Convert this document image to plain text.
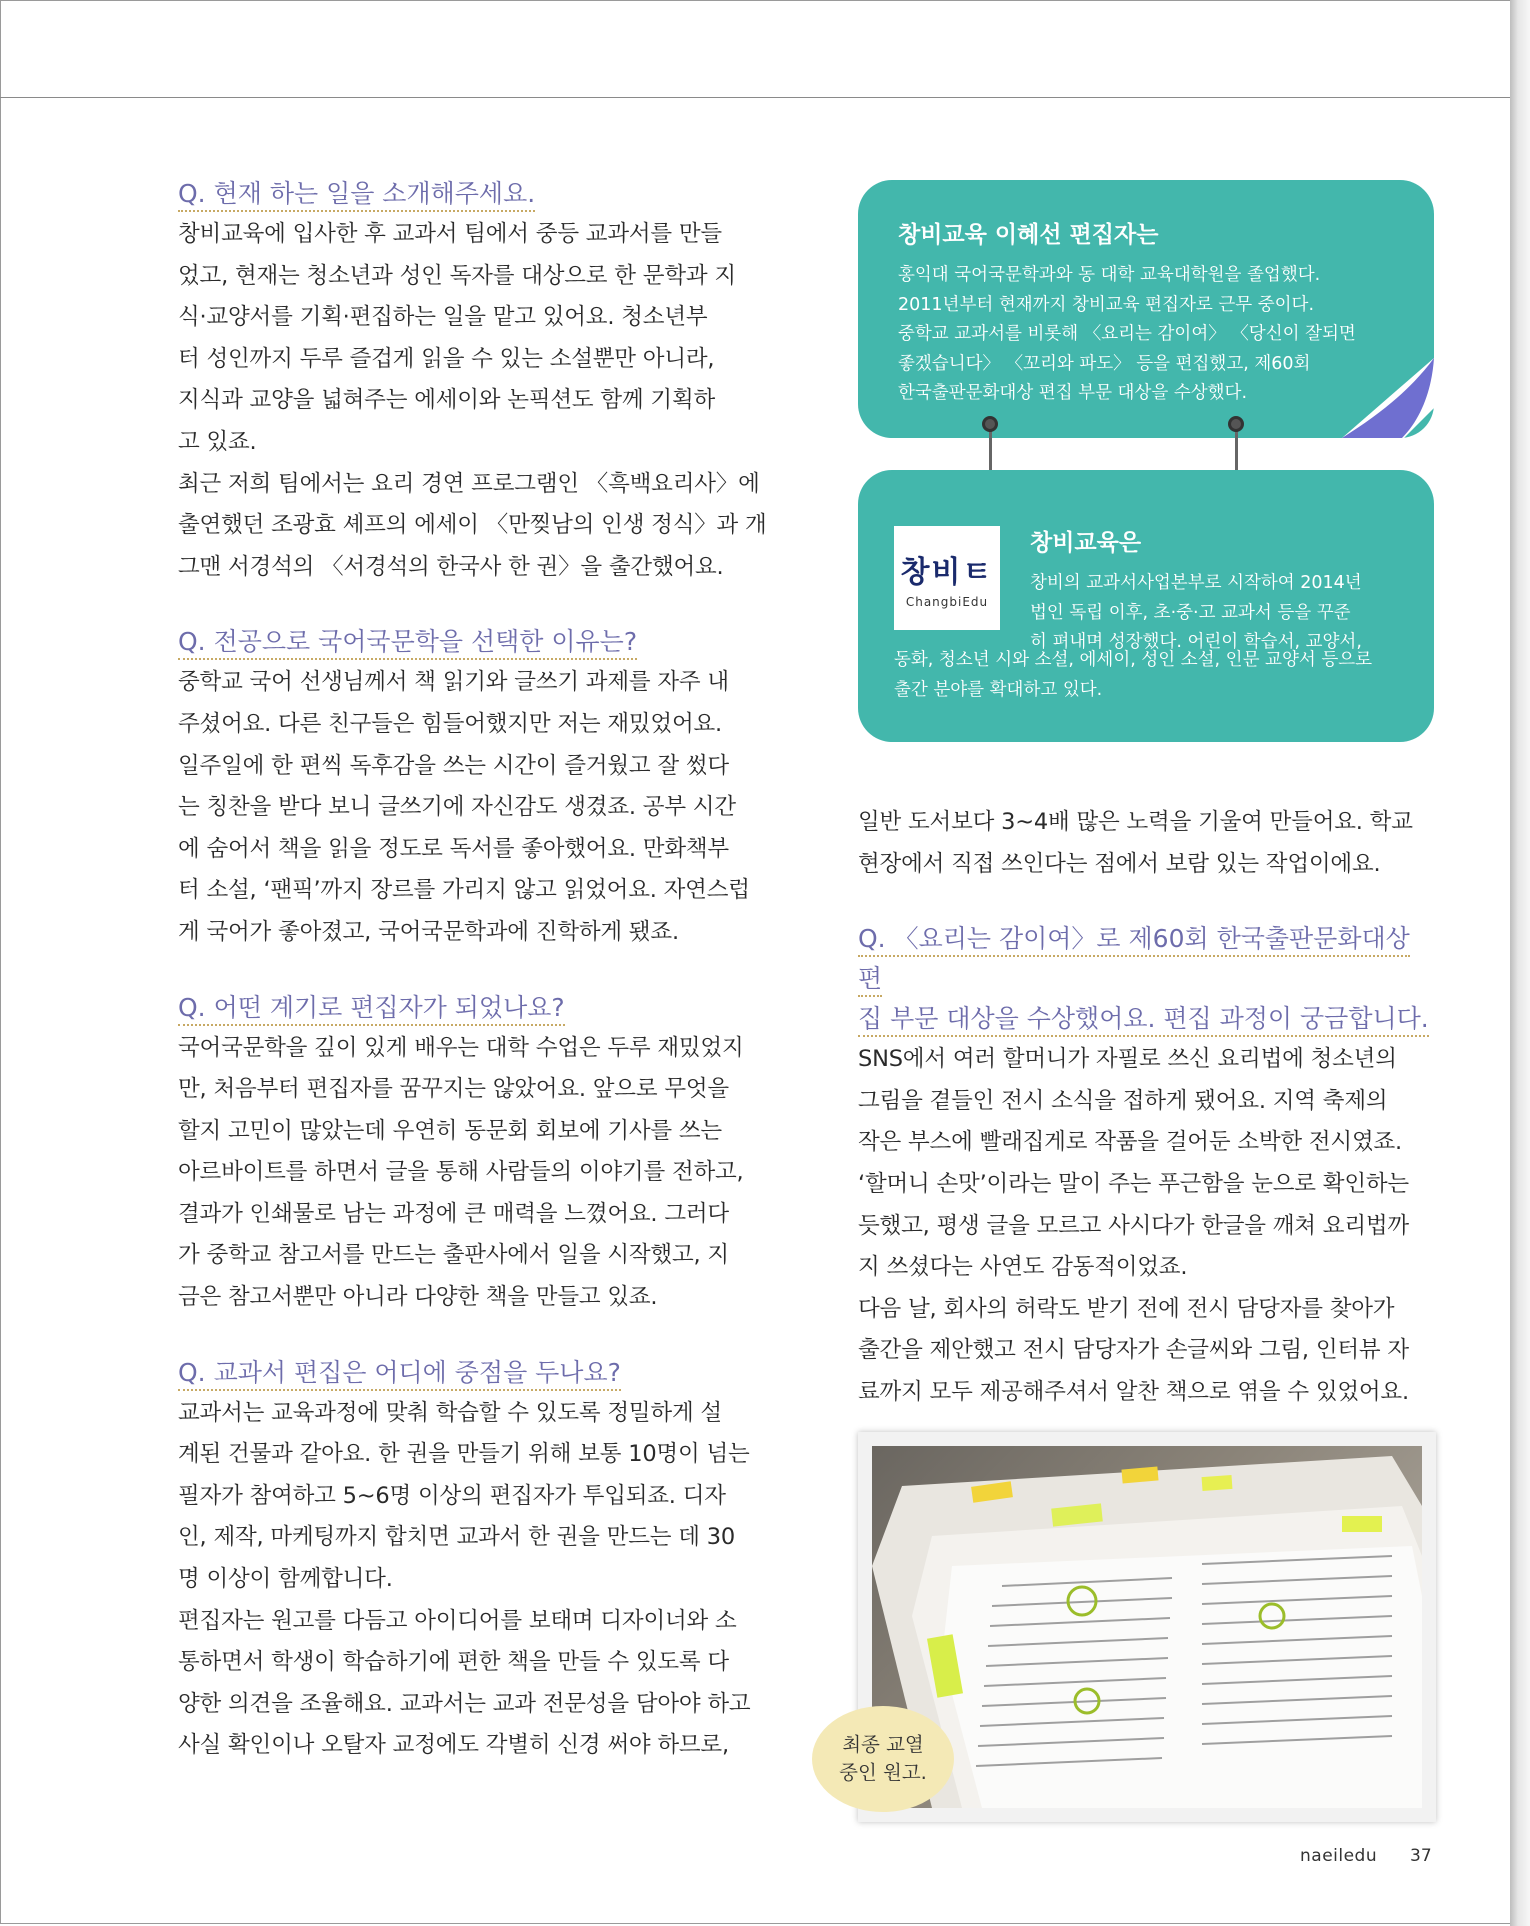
Q. 현재 하는 일을 소개해주세요.

창비교육에 입사한 후 교과서 팀에서 중등 교과서를 만들

었고, 현재는 청소년과 성인 독자를 대상으로 한 문학과 지

식·교양서를 기획·편집하는 일을 맡고 있어요. 청소년부

터 성인까지 두루 즐겁게 읽을 수 있는 소설뿐만 아니라,

지식과 교양을 넓혀주는 에세이와 논픽션도 함께 기획하

고 있죠.

최근 저희 팀에서는 요리 경연 프로그램인 〈흑백요리사〉에

출연했던 조광효 셰프의 에세이 〈만찢남의 인생 정식〉과 개

그맨 서경석의 〈서경석의 한국사 한 권〉을 출간했어요.

Q. 전공으로 국어국문학을 선택한 이유는?

중학교 국어 선생님께서 책 읽기와 글쓰기 과제를 자주 내

주셨어요. 다른 친구들은 힘들어했지만 저는 재밌었어요.

일주일에 한 편씩 독후감을 쓰는 시간이 즐거웠고 잘 썼다

는 칭찬을 받다 보니 글쓰기에 자신감도 생겼죠. 공부 시간

에 숨어서 책을 읽을 정도로 독서를 좋아했어요. 만화책부

터 소설, ‘팬픽’까지 장르를 가리지 않고 읽었어요. 자연스럽

게 국어가 좋아졌고, 국어국문학과에 진학하게 됐죠.

Q. 어떤 계기로 편집자가 되었나요?

국어국문학을 깊이 있게 배우는 대학 수업은 두루 재밌었지

만, 처음부터 편집자를 꿈꾸지는 않았어요. 앞으로 무엇을

할지 고민이 많았는데 우연히 동문회 회보에 기사를 쓰는

아르바이트를 하면서 글을 통해 사람들의 이야기를 전하고,

결과가 인쇄물로 남는 과정에 큰 매력을 느꼈어요. 그러다

가 중학교 참고서를 만드는 출판사에서 일을 시작했고, 지

금은 참고서뿐만 아니라 다양한 책을 만들고 있죠.

Q. 교과서 편집은 어디에 중점을 두나요?

교과서는 교육과정에 맞춰 학습할 수 있도록 정밀하게 설

계된 건물과 같아요. 한 권을 만들기 위해 보통 10명이 넘는

필자가 참여하고 5~6명 이상의 편집자가 투입되죠. 디자

인, 제작, 마케팅까지 합치면 교과서 한 권을 만드는 데 30

명 이상이 함께합니다.

편집자는 원고를 다듬고 아이디어를 보태며 디자이너와 소

통하면서 학생이 학습하기에 편한 책을 만들 수 있도록 다

양한 의견을 조율해요. 교과서는 교과 전문성을 담아야 하고

사실 확인이나 오탈자 교정에도 각별히 신경 써야 하므로,

창비교육 이혜선 편집자는

홍익대 국어국문학과와 동 대학 교육대학원을 졸업했다.

2011년부터 현재까지 창비교육 편집자로 근무 중이다.

중학교 교과서를 비롯해 〈요리는 감이여〉 〈당신이 잘되면

좋겠습니다〉 〈꼬리와 파도〉 등을 편집했고, 제60회

한국출판문화대상 편집 부문 대상을 수상했다.

창비ㅌ
ChangbiEdu

창비교육은

창비의 교과서사업본부로 시작하여 2014년

법인 독립 이후, 초·중·고 교과서 등을 꾸준

히 펴내며 성장했다. 어린이 학습서, 교양서,

동화, 청소년 시와 소설, 에세이, 성인 소설, 인문 교양서 등으로

출간 분야를 확대하고 있다.

일반 도서보다 3~4배 많은 노력을 기울여 만들어요. 학교

현장에서 직접 쓰인다는 점에서 보람 있는 작업이에요.

Q. 〈요리는 감이여〉로 제60회 한국출판문화대상 편

집 부문 대상을 수상했어요. 편집 과정이 궁금합니다.

SNS에서 여러 할머니가 자필로 쓰신 요리법에 청소년의

그림을 곁들인 전시 소식을 접하게 됐어요. 지역 축제의

작은 부스에 빨래집게로 작품을 걸어둔 소박한 전시였죠.

‘할머니 손맛’이라는 말이 주는 푸근함을 눈으로 확인하는

듯했고, 평생 글을 모르고 사시다가 한글을 깨쳐 요리법까

지 쓰셨다는 사연도 감동적이었죠.

다음 날, 회사의 허락도 받기 전에 전시 담당자를 찾아가

출간을 제안했고 전시 담당자가 손글씨와 그림, 인터뷰 자

료까지 모두 제공해주셔서 알찬 책으로 엮을 수 있었어요.

최종 교열
중인 원고.
naeiledu 37
